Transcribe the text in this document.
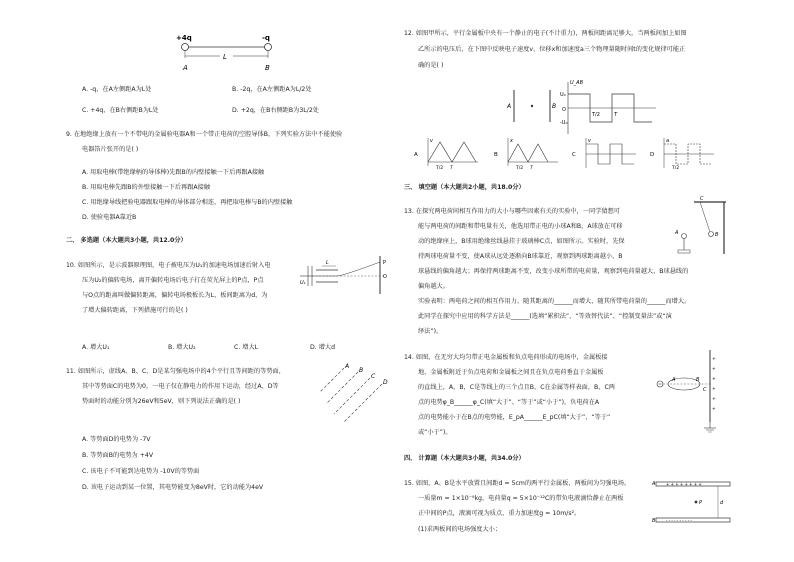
+4q	-q
A
L
B
A. -q，在A左侧距A为L处	B. -2q，在A左侧距A为L/2处
C. +4q，在B右侧距B为L处	D. +2q，在B右侧距B为3L/2处
9. 在地绝缘上放有一个不带电的金属验电器A和一个带正电荷的空腔导体B，下列实验方法中不能使验
电器箔片张开的是( )
A. 用取电棒(带绝缘柄的导体棒)先跟B的内壁接触一下后再跟A接触
B. 用取电棒先跟B的外壁接触一下后再跟A接触
C. 用绝缘导线把验电器跟取电棒的导体部分相连，再把取电棒与B的内壁接触
D. 使验电器A靠近B
二、 多选题（本大题共3小题，共12.0分）
10. 如图所示，是示波器原理图，电子被电压为U₁的加速电场加速后射入电
压为U₂的偏转电场，离开偏转电场后电子打在荧光屏上的P点，P点
与O点的距离叫做偏转距离，偏转电场极板长为L，板间距离为d，为
了增大偏转距离，下列措施可行的是( )
L
U₁
P
O
A. 增大U₁	B. 增大U₂	C. 增大L	D. 增大d
11. 如图所示，虚线A、B、C、D是某匀强电场中的4个平行且等间距的等势面，
其中等势面C的电势为0，一电子仅在静电力的作用下运动，经过A、D等
势面时的动能分别为26eV和5eV，则下列说法正确的是( )
A
B
C
D
A. 等势面D的电势为 -7V
B. 等势面B的电势为 +4V
C. 该电子不可能到达电势为 -10V的等势面
D. 该电子运动到某一位置，其电势能变为8eV时，它的动能为4eV
12. 如图甲所示，平行金属板中央有一个静止的电子(不计重力)，两板间距离足够大，当两板间加上如图
乙所示的电压后，在下图中反映电子速度v、位移x和加速度a三个物理量随时间t的变化规律可能正
确的是( )
A	B
U_AB
U₀
-U₀
T/2	T
O
A
v
T/2 T
B
x
T/2 T
C
v
D
a
T/2
三、 填空题（本大题共2小题，共18.0分）
13. 在探究两电荷间相互作用力的大小与哪些因素有关的实验中，一同学猜想可
能与两电荷的间距和带电量有关，他选用带正电的小球A和B，A球放在可移
动的绝缘座上，B球用绝缘丝线悬挂于玻璃棒C点，如图所示。实验时，先保
持两球电荷量不变，使A球从远处逐渐向B球靠近，观察到两球距离越小，B
球悬线的偏角越大；再保持两球距离不变，改变小球所带的电荷量，观察到电荷量越大，B球悬线的
偏角越大。
实验表明：两电荷之间的相互作用力，随其距离的______而增大，随其所带电荷量的______而增大。
此同学在探究中应用的科学方法是______(选填“累积法”、“等效替代法”、“控制变量法”或“演
绎法”)。
C
A	B
14. 如图，在无穷大均匀带正电金属板和负点电荷形成的电场中，金属板接
地，金属板附近于负点电荷和金属板之间且在负点电荷垂直于金属板
的直线上，A，B，C是等线上的三个点且B、C在金属等样表面，B、C两
点的电势φ_B______φ_C(填“大于”、“等于”或“小于”)，负电荷在A
点的电势能小于在B点的电势能，E_pA______E_pC(填“大于”、“等于”
或“小于”)。
+
+
+
+
+
+
A	B
C
四、 计算题（本大题共3小题，共34.0分）
15. 如图，A、B是水平放置且间距d = 5cm的两平行金属板，两板间为匀强电场。
一质量m = 1×10⁻⁹kg，电荷量q = 5×10⁻¹²C的带负电液滴恰静止在两板
正中间的P点，液滴可视为质点，重力加速度g = 10m/s²。
(1)求两板间的电场强度大小；
+ + + + + + + +
- - - - - - - - - -
A
B
P	d
